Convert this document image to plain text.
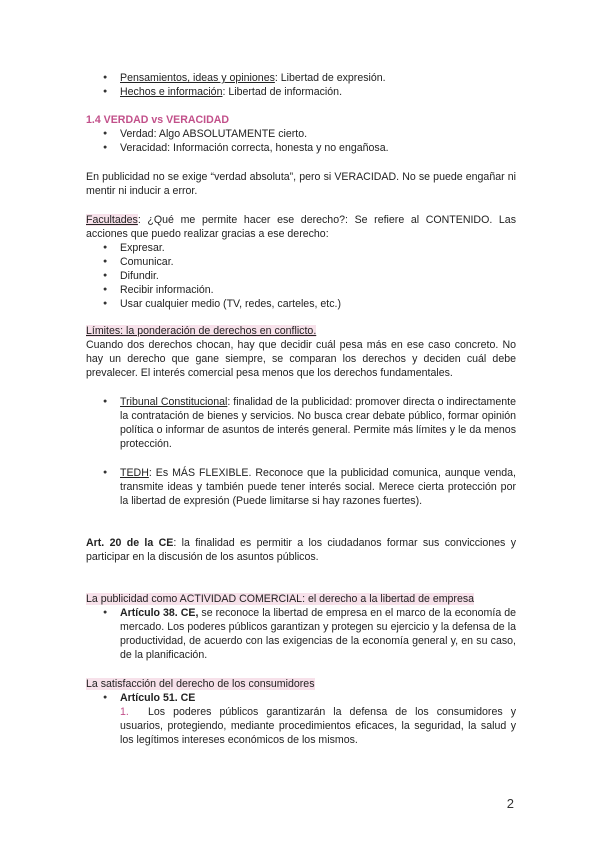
● Pensamientos, ideas y opiniones: Libertad de expresión.
● Hechos e información: Libertad de información.
1.4 VERDAD vs VERACIDAD
● Verdad: Algo ABSOLUTAMENTE cierto.
● Veracidad: Información correcta, honesta y no engañosa.
En publicidad no se exige “verdad absoluta”, pero si VERACIDAD. No se puede engañar ni mentir ni inducir a error.
Facultades: ¿Qué me permite hacer ese derecho?: Se refiere al CONTENIDO. Las acciones que puedo realizar gracias a ese derecho:
● Expresar.
● Comunicar.
● Difundir.
● Recibir información.
● Usar cualquier medio (TV, redes, carteles, etc.)
Límites: la ponderación de derechos en conflicto.
Cuando dos derechos chocan, hay que decidir cuál pesa más en ese caso concreto. No hay un derecho que gane siempre, se comparan los derechos y deciden cuál debe prevalecer. El interés comercial pesa menos que los derechos fundamentales.
● Tribunal Constitucional: finalidad de la publicidad: promover directa o indirectamente la contratación de bienes y servicios. No busca crear debate público, formar opinión política o informar de asuntos de interés general. Permite más límites y le da menos protección.
● TEDH: Es MÁS FLEXIBLE. Reconoce que la publicidad comunica, aunque venda, transmite ideas y también puede tener interés social. Merece cierta protección por la libertad de expresión (Puede limitarse si hay razones fuertes).
Art. 20 de la CE: la finalidad es permitir a los ciudadanos formar sus convicciones y participar en la discusión de los asuntos públicos.
La publicidad como ACTIVIDAD COMERCIAL: el derecho a la libertad de empresa
● Artículo 38. CE, se reconoce la libertad de empresa en el marco de la economía de mercado. Los poderes públicos garantizan y protegen su ejercicio y la defensa de la productividad, de acuerdo con las exigencias de la economía general y, en su caso, de la planificación.
La satisfacción del derecho de los consumidores
● Artículo 51. CE
1. Los poderes públicos garantizarán la defensa de los consumidores y usuarios, protegiendo, mediante procedimientos eficaces, la seguridad, la salud y los legítimos intereses económicos de los mismos.
2
